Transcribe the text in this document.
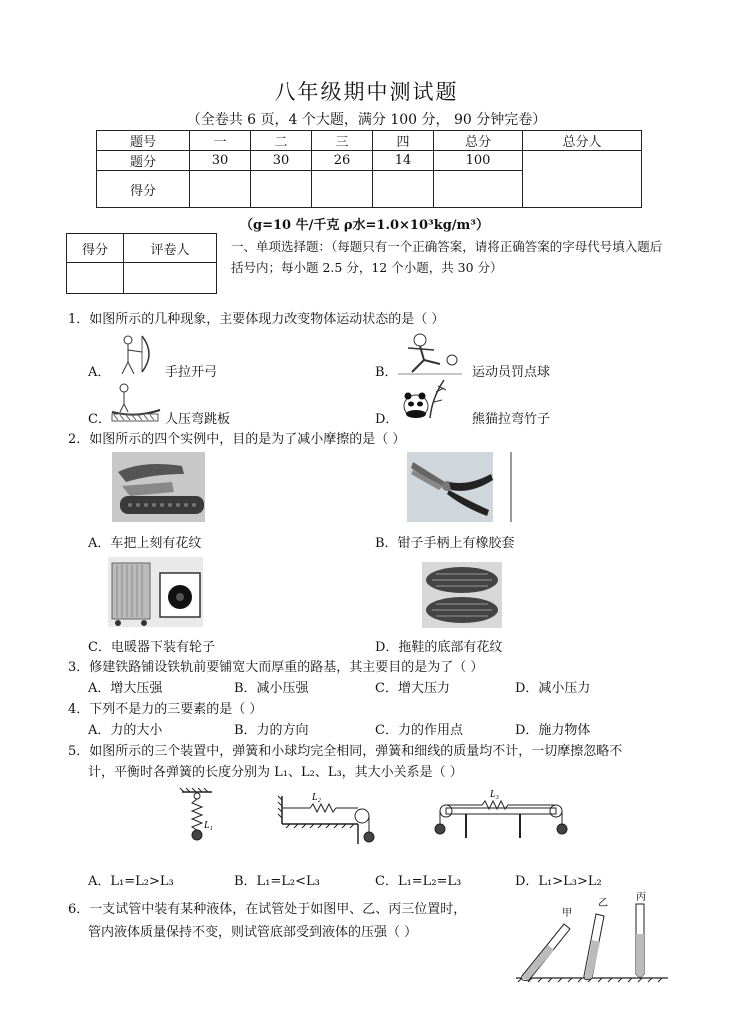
八年级期中测试题
（全卷共 6 页，4 个大题，满分 100 分， 90 分钟完卷）
题号	一	二	三	四	总分	总分人
题分	30	30	26	14	100	
得分						
（g=10 牛/千克 ρ水=1.0×10³kg/m³）
得分	评卷人
		一、单项选择题：（每题只有一个正确答案，请将正确答案的字母代号填入题后括号内；每小题 2.5 分，12 个小题，共 30 分）
1．如图所示的几种现象，主要体现力改变物体运动状态的是（ ）
A．	手拉开弓	B．	运动员罚点球
C．	人压弯跳板	D．	熊猫拉弯竹子
2．如图所示的四个实例中，目的是为了减小摩擦的是（ ）
A．车把上刻有花纹	B．钳子手柄上有橡胶套
C．电暖器下装有轮子	D．拖鞋的底部有花纹
3．修建铁路铺设铁轨前要铺宽大而厚重的路基，其主要目的是为了（ ）
A．增大压强	B．减小压强	C．增大压力	D．减小压力
4．下列不是力的三要素的是（ ）
A．力的大小	B．力的方向	C．力的作用点	D．施力物体
5．如图所示的三个装置中，弹簧和小球均完全相同，弹簧和细线的质量均不计，一切摩擦忽略不
计，平衡时各弹簧的长度分别为 L₁、L₂、L₃，其大小关系是（ ）
L₁
L₂	L₃
A．L₁=L₂>L₃	B．L₁=L₂<L₃	C．L₁=L₂=L₃	D．L₁>L₃>L₂
6．一支试管中装有某种液体，在试管处于如图甲、乙、丙三位置时，
管内液体质量保持不变，则试管底部受到液体的压强（ ）
甲
乙
丙
